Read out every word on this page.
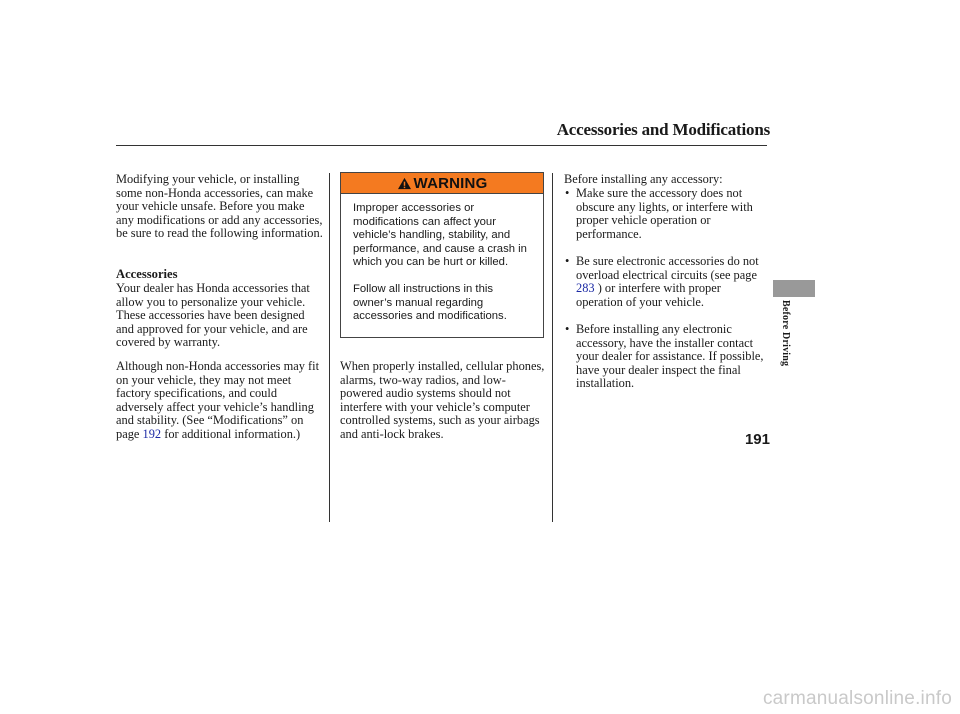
Accessories and Modifications
Before Driving

Modifying your vehicle, or installing some non-Honda accessories, can make your vehicle unsafe. Before you make any modifications or add any accessories, be sure to read the following information.

Accessories

Your dealer has Honda accessories that allow you to personalize your vehicle. These accessories have been designed and approved for your vehicle, and are covered by warranty.

Although non-Honda accessories may fit on your vehicle, they may not meet factory specifications, and could adversely affect your vehicle’s handling and stability. (See “Modifications” on page 192 for additional information.)

WARNING

Improper accessories or modifications can affect your vehicle’s handling, stability, and performance, and cause a crash in which you can be hurt or killed.

Follow all instructions in this owner’s manual regarding accessories and modifications.

When properly installed, cellular phones, alarms, two-way radios, and low-powered audio systems should not interfere with your vehicle’s computer controlled systems, such as your airbags and anti-lock brakes.

Before installing any accessory:

• Make sure the accessory does not obscure any lights, or interfere with proper vehicle operation or performance.
• Be sure electronic accessories do not overload electrical circuits (see page 283 ) or interfere with proper operation of your vehicle.
• Before installing any electronic accessory, have the installer contact your dealer for assistance. If possible, have your dealer inspect the final installation.
191
carmanualsonline.info
